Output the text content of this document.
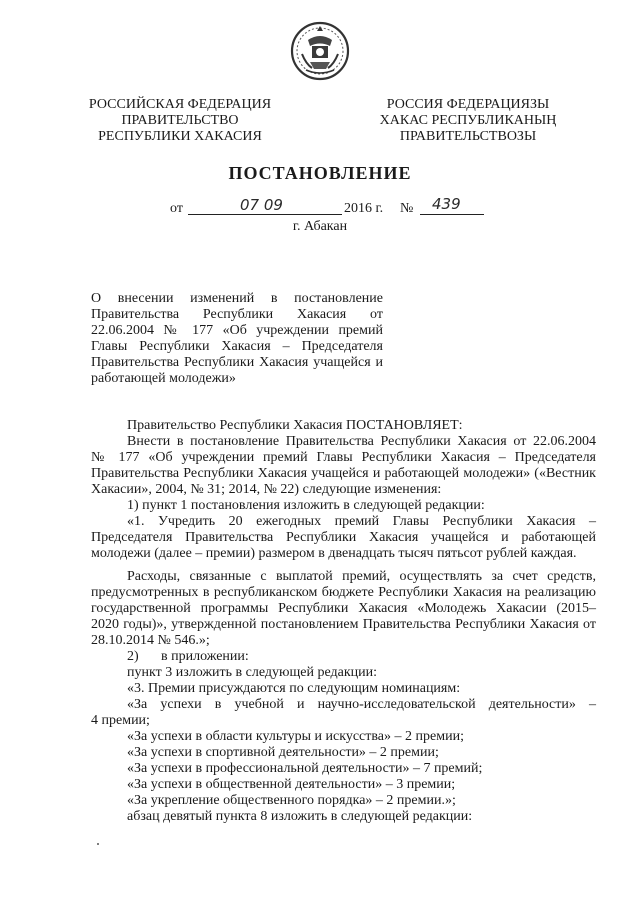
РОССИЙСКАЯ ФЕДЕРАЦИЯ
ПРАВИТЕЛЬСТВО
РЕСПУБЛИКИ ХАКАСИЯ
РОССИЯ ФЕДЕРАЦИЯЗЫ
ХАКАС РЕСПУБЛИКАНЫҢ
ПРАВИТЕЛЬСТВОЗЫ
ПОСТАНОВЛЕНИЕ
от	07 09	2016 г. № 439
г. Абакан
О внесении изменений в постановление
Правительства Республики Хакасия от
22.06.2004 № 177 «Об учреждении премий
Главы Республики Хакасия – Председателя
Правительства Республики Хакасия учащейся и
работающей молодежи»

Правительство Республики Хакасия ПОСТАНОВЛЯЕТ:

Внести в постановление Правительства Республики Хакасия от 22.06.2004

№ 177 «Об учреждении премий Главы Республики Хакасия – Председателя

Правительства Республики Хакасия учащейся и работающей молодежи» («Вестник

Хакасии», 2004, № 31; 2014, № 22) следующие изменения:

1) пункт 1 постановления изложить в следующей редакции:

«1. Учредить 20 ежегодных премий Главы Республики Хакасия –

Председателя Правительства Республики Хакасия учащейся и работающей

молодежи (далее – премии) размером в двенадцать тысяч пятьсот рублей каждая.

Расходы, связанные с выплатой премий, осуществлять за счет средств,

предусмотренных в республиканском бюджете Республики Хакасия на реализацию

государственной программы Республики Хакасия «Молодежь Хакасии (2015–

2020 годы)», утвержденной постановлением Правительства Республики Хакасия от

28.10.2014 № 546.»;

2) в приложении:

пункт 3 изложить в следующей редакции:

«3. Премии присуждаются по следующим номинациям:

«За успехи в учебной и научно-исследовательской деятельности» –

4 премии;

«За успехи в области культуры и искусства» – 2 премии;

«За успехи в спортивной деятельности» – 2 премии;

«За успехи в профессиональной деятельности» – 7 премий;

«За успехи в общественной деятельности» – 3 премии;

«За укрепление общественного порядка» – 2 премии.»;

абзац девятый пункта 8 изложить в следующей редакции:
